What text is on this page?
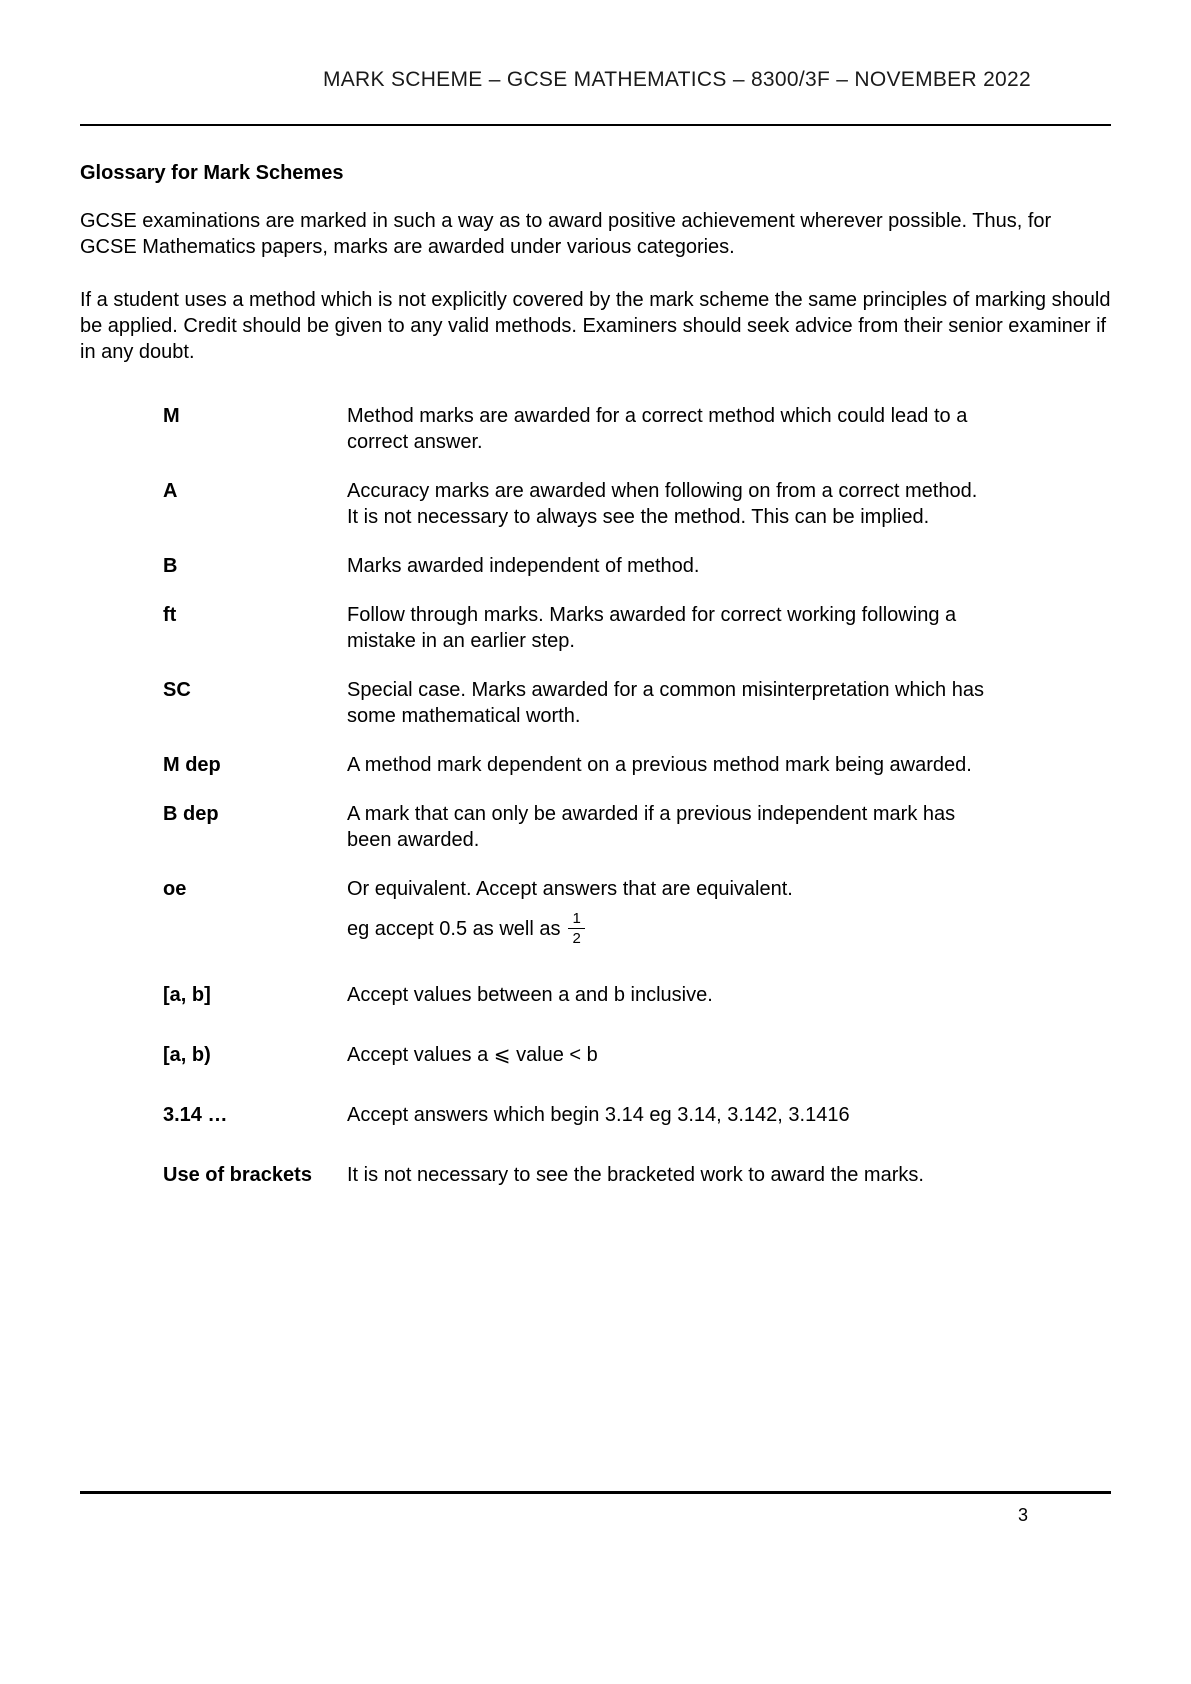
MARK SCHEME – GCSE MATHEMATICS – 8300/3F – NOVEMBER 2022
Glossary for Mark Schemes

GCSE examinations are marked in such a way as to award positive achievement wherever possible. Thus, for GCSE Mathematics papers, marks are awarded under various categories.

If a student uses a method which is not explicitly covered by the mark scheme the same principles of marking should be applied. Credit should be given to any valid methods. Examiners should seek advice from their senior examiner if in any doubt.

M	Method marks are awarded for a correct method which could lead to a correct answer.
A	Accuracy marks are awarded when following on from a correct method. It is not necessary to always see the method. This can be implied.
B	Marks awarded independent of method.
ft	Follow through marks. Marks awarded for correct working following a mistake in an earlier step.
SC	Special case. Marks awarded for a common misinterpretation which has some mathematical worth.
M dep	A method mark dependent on a previous method mark being awarded.
B dep	A mark that can only be awarded if a previous independent mark has been awarded.
oe	Or equivalent. Accept answers that are equivalent.
eg accept 0.5 as well as $\frac{1}{2}$
[a, b]	Accept values between a and b inclusive.
[a, b)	Accept values a ⩽ value < b
3.14 …	Accept answers which begin 3.14 eg 3.14, 3.142, 3.1416
Use of brackets	It is not necessary to see the bracketed work to award the marks.
3
